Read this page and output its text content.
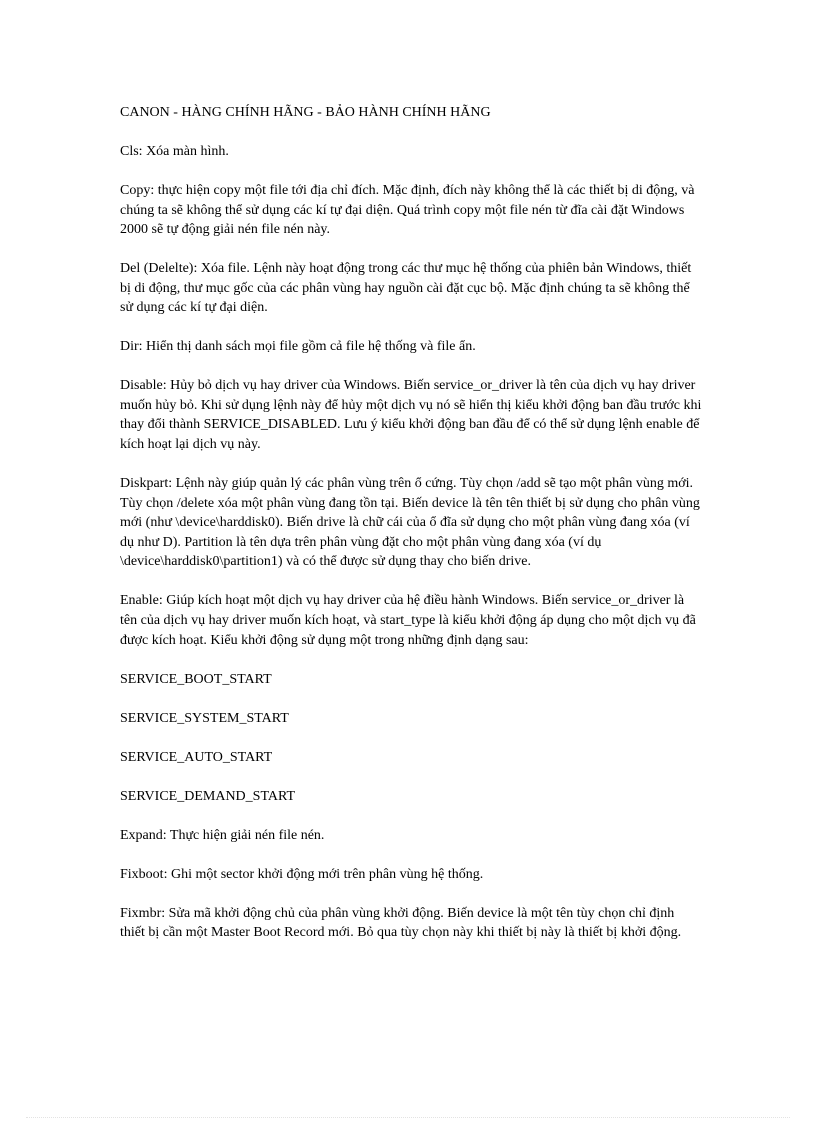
CANON - HÀNG CHÍNH HÃNG - BẢO HÀNH CHÍNH HÃNG

Cls: Xóa màn hình.

Copy: thực hiện copy một file tới địa chỉ đích. Mặc định, đích này không thể là các thiết bị di động, và chúng ta sẽ không thể sử dụng các kí tự đại diện. Quá trình copy một file nén từ đĩa cài đặt Windows 2000 sẽ tự động giải nén file nén này.

Del (Delelte): Xóa file. Lệnh này hoạt động trong các thư mục hệ thống của phiên bản Windows, thiết bị di động, thư mục gốc của các phân vùng hay nguồn cài đặt cục bộ. Mặc định chúng ta sẽ không thể sử dụng các kí tự đại diện.

Dir: Hiển thị danh sách mọi file gồm cả file hệ thống và file ẩn.

Disable: Hủy bỏ dịch vụ hay driver của Windows. Biến service_or_driver là tên của dịch vụ hay driver muốn hủy bỏ. Khi sử dụng lệnh này để hủy một dịch vụ nó sẽ hiển thị kiểu khởi động ban đầu trước khi thay đổi thành SERVICE_DISABLED. Lưu ý kiểu khởi động ban đầu để có thể sử dụng lệnh enable để kích hoạt lại dịch vụ này.

Diskpart: Lệnh này giúp quản lý các phân vùng trên ổ cứng. Tùy chọn /add sẽ tạo một phân vùng mới. Tùy chọn /delete xóa một phân vùng đang tồn tại. Biến device là tên tên thiết bị sử dụng cho phân vùng mới (như \device\harddisk0). Biến drive là chữ cái của ổ đĩa sử dụng cho một phân vùng đang xóa (ví dụ như D). Partition là tên dựa trên phân vùng đặt cho một phân vùng đang xóa (ví dụ \device\harddisk0\partition1) và có thể được sử dụng thay cho biến drive.

Enable: Giúp kích hoạt một dịch vụ hay driver của hệ điều hành Windows. Biến service_or_driver là tên của dịch vụ hay driver muốn kích hoạt, và start_type là kiểu khởi động áp dụng cho một dịch vụ đã được kích hoạt. Kiểu khởi động sử dụng một trong những định dạng sau:

SERVICE_BOOT_START

SERVICE_SYSTEM_START

SERVICE_AUTO_START

SERVICE_DEMAND_START

Expand: Thực hiện giải nén file nén.

Fixboot: Ghi một sector khởi động mới trên phân vùng hệ thống.

Fixmbr: Sửa mã khởi động chủ của phân vùng khởi động. Biến device là một tên tùy chọn chỉ định thiết bị cần một Master Boot Record mới. Bỏ qua tùy chọn này khi thiết bị này là thiết bị khởi động.
